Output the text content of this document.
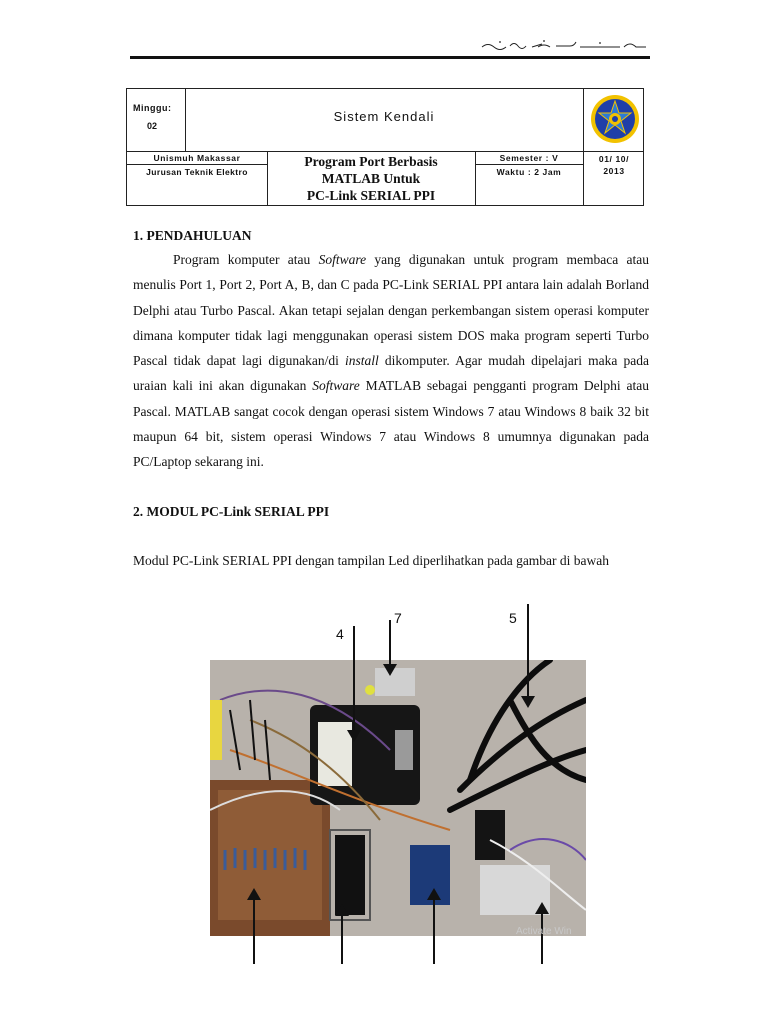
Minggu:
02
Sistem Kendali
Unismuh Makassar
Jurusan Teknik Elektro
Program Port Berbasis
MATLAB Untuk
PC-Link SERIAL PPI
Semester : V
Waktu : 2 Jam
01/ 10/
2013
1. PENDAHULUAN

Program komputer atau Software yang digunakan untuk program membaca atau menulis Port 1, Port 2, Port A, B, dan C pada PC-Link SERIAL PPI antara lain adalah Borland Delphi atau Turbo Pascal. Akan tetapi sejalan dengan perkembangan sistem operasi komputer dimana komputer tidak lagi menggunakan operasi sistem DOS maka program seperti Turbo Pascal tidak dapat lagi digunakan/di install dikomputer. Agar mudah dipelajari maka pada uraian kali ini akan digunakan Software MATLAB sebagai pengganti program Delphi atau Pascal. MATLAB sangat cocok dengan operasi sistem Windows 7 atau Windows 8 baik 32 bit maupun 64 bit, sistem operasi Windows 7 atau Windows 8 umumnya digunakan pada PC/Laptop sekarang ini.

2. MODUL PC-Link SERIAL PPI
Modul PC-Link SERIAL PPI dengan tampilan Led diperlihatkan pada gambar di bawah
4
7	5
Activate Win
